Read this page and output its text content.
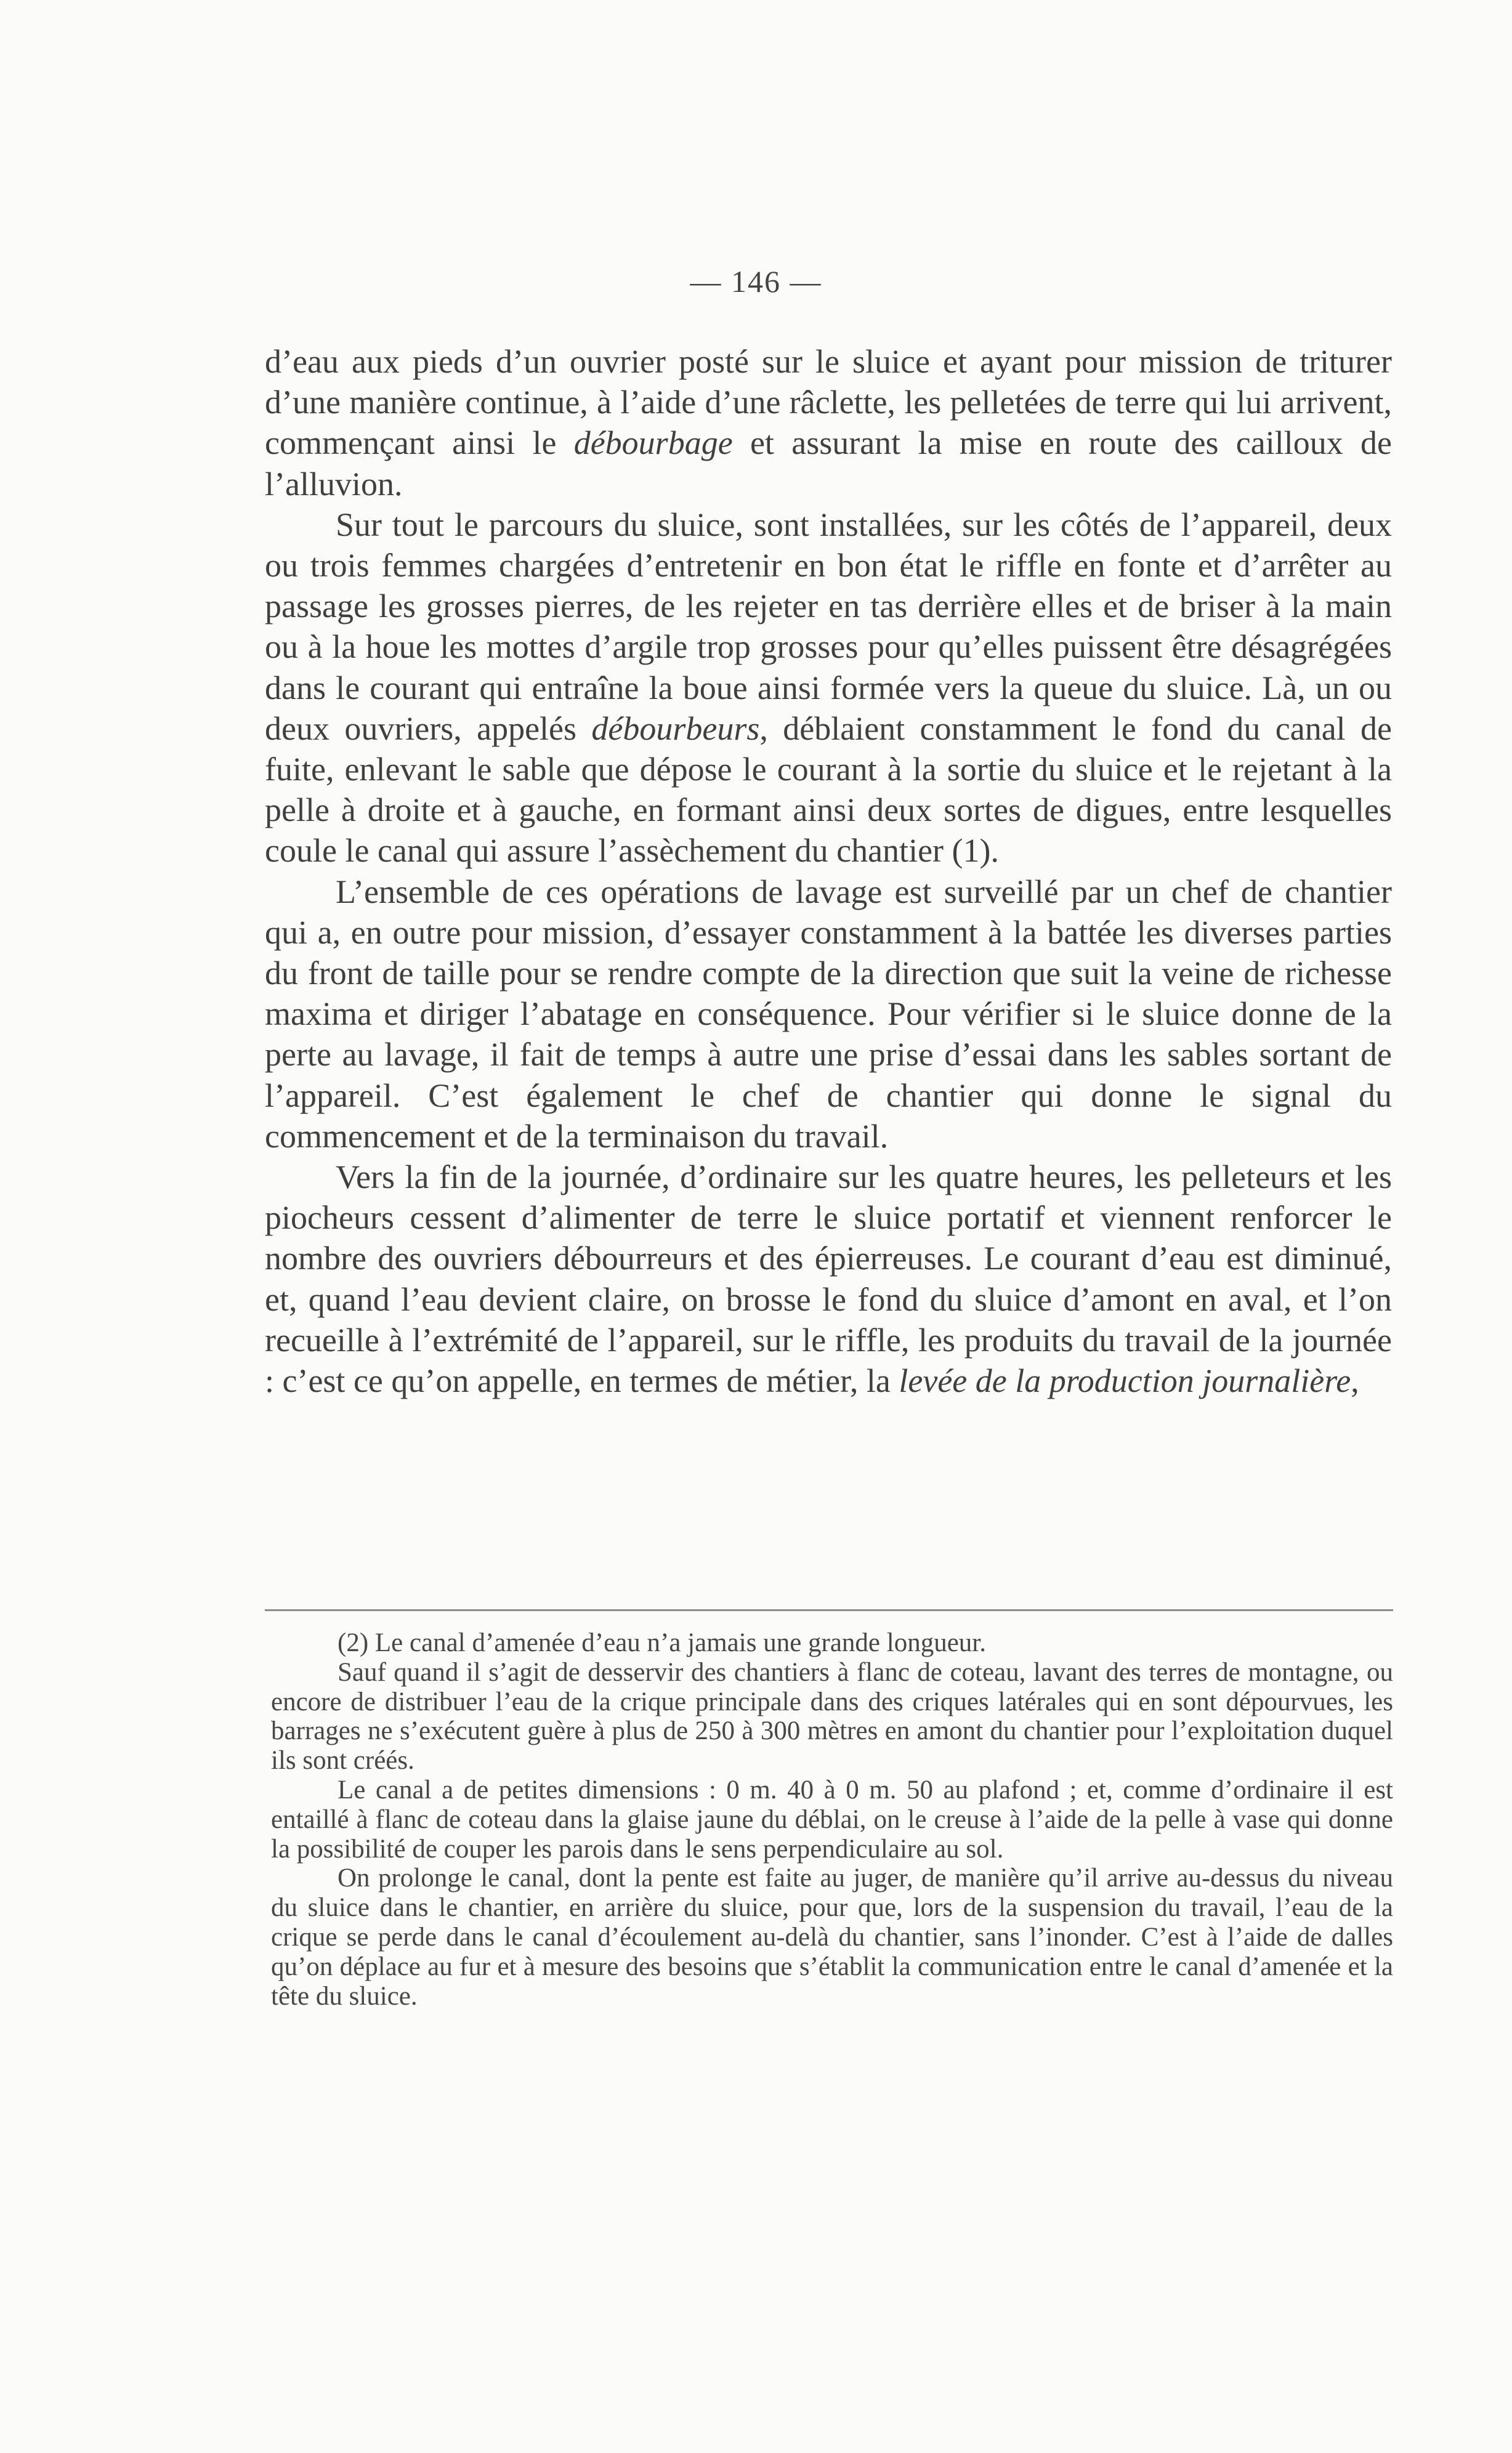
— 146 —

d’eau aux pieds d’un ouvrier posté sur le sluice et ayant pour mission de triturer d’une manière continue, à l’aide d’une râclette, les pelletées de terre qui lui arrivent, commençant ainsi le débourbage et assurant la mise en route des cailloux de l’alluvion.

Sur tout le parcours du sluice, sont installées, sur les côtés de l’appareil, deux ou trois femmes chargées d’entretenir en bon état le riffle en fonte et d’arrêter au passage les grosses pierres, de les rejeter en tas derrière elles et de briser à la main ou à la houe les mottes d’argile trop grosses pour qu’elles puissent être désagrégées dans le courant qui entraîne la boue ainsi formée vers la queue du sluice. Là, un ou deux ouvriers, appelés débourbeurs, déblaient constamment le fond du canal de fuite, enlevant le sable que dépose le courant à la sortie du sluice et le rejetant à la pelle à droite et à gauche, en formant ainsi deux sortes de digues, entre lesquelles coule le canal qui assure l’assèchement du chantier (1).

L’ensemble de ces opérations de lavage est surveillé par un chef de chantier qui a, en outre pour mission, d’essayer constamment à la battée les diverses parties du front de taille pour se rendre compte de la direction que suit la veine de richesse maxima et diriger l’abatage en conséquence. Pour vérifier si le sluice donne de la perte au lavage, il fait de temps à autre une prise d’essai dans les sables sortant de l’appareil. C’est également le chef de chantier qui donne le signal du commencement et de la terminaison du travail.

Vers la fin de la journée, d’ordinaire sur les quatre heures, les pelleteurs et les piocheurs cessent d’alimenter de terre le sluice portatif et viennent renforcer le nombre des ouvriers débourreurs et des épierreuses. Le courant d’eau est diminué, et, quand l’eau devient claire, on brosse le fond du sluice d’amont en aval, et l’on recueille à l’extrémité de l’appareil, sur le riffle, les produits du travail de la journée : c’est ce qu’on appelle, en termes de métier, la levée de la production journalière,

(2) Le canal d’amenée d’eau n’a jamais une grande longueur.

Sauf quand il s’agit de desservir des chantiers à flanc de coteau, lavant des terres de montagne, ou encore de distribuer l’eau de la crique principale dans des criques latérales qui en sont dépourvues, les barrages ne s’exécutent guère à plus de 250 à 300 mètres en amont du chantier pour l’exploitation duquel ils sont créés.

Le canal a de petites dimensions : 0 m. 40 à 0 m. 50 au plafond ; et, comme d’ordinaire il est entaillé à flanc de coteau dans la glaise jaune du déblai, on le creuse à l’aide de la pelle à vase qui donne la possibilité de couper les parois dans le sens perpendiculaire au sol.

On prolonge le canal, dont la pente est faite au juger, de manière qu’il arrive au-dessus du niveau du sluice dans le chantier, en arrière du sluice, pour que, lors de la suspension du travail, l’eau de la crique se perde dans le canal d’écoulement au-delà du chantier, sans l’inonder. C’est à l’aide de dalles qu’on déplace au fur et à mesure des besoins que s’établit la communication entre le canal d’amenée et la tête du sluice.
